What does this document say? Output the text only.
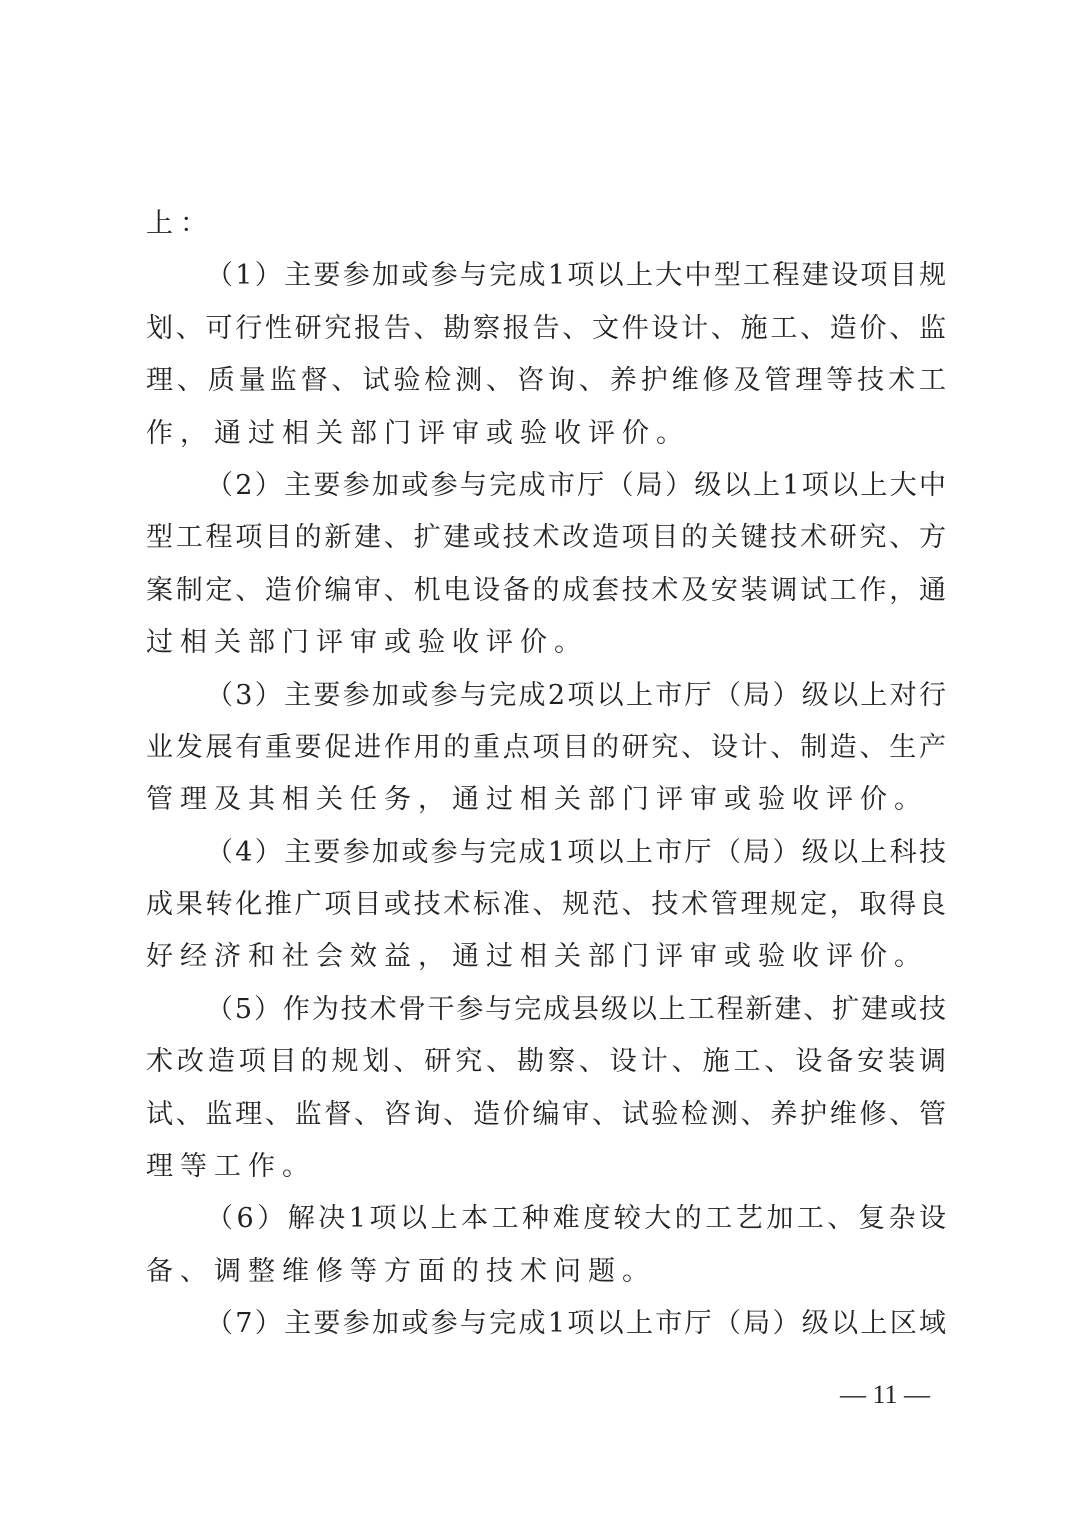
上：
（1）主要参加或参与完成1项以上大中型工程建设项目规
划、可行性研究报告、勘察报告、文件设计、施工、造价、监
理、质量监督、试验检测、咨询、养护维修及管理等技术工
作，通过相关部门评审或验收评价。
（2）主要参加或参与完成市厅（局）级以上1项以上大中
型工程项目的新建、扩建或技术改造项目的关键技术研究、方
案制定、造价编审、机电设备的成套技术及安装调试工作，通
过相关部门评审或验收评价。
（3）主要参加或参与完成2项以上市厅（局）级以上对行
业发展有重要促进作用的重点项目的研究、设计、制造、生产
管理及其相关任务，通过相关部门评审或验收评价。
（4）主要参加或参与完成1项以上市厅（局）级以上科技
成果转化推广项目或技术标准、规范、技术管理规定，取得良
好经济和社会效益，通过相关部门评审或验收评价。
（5）作为技术骨干参与完成县级以上工程新建、扩建或技
术改造项目的规划、研究、勘察、设计、施工、设备安装调
试、监理、监督、咨询、造价编审、试验检测、养护维修、管
理等工作。
（6）解决1项以上本工种难度较大的工艺加工、复杂设
备、调整维修等方面的技术问题。
（7）主要参加或参与完成1项以上市厅（局）级以上区域
— 11 —
